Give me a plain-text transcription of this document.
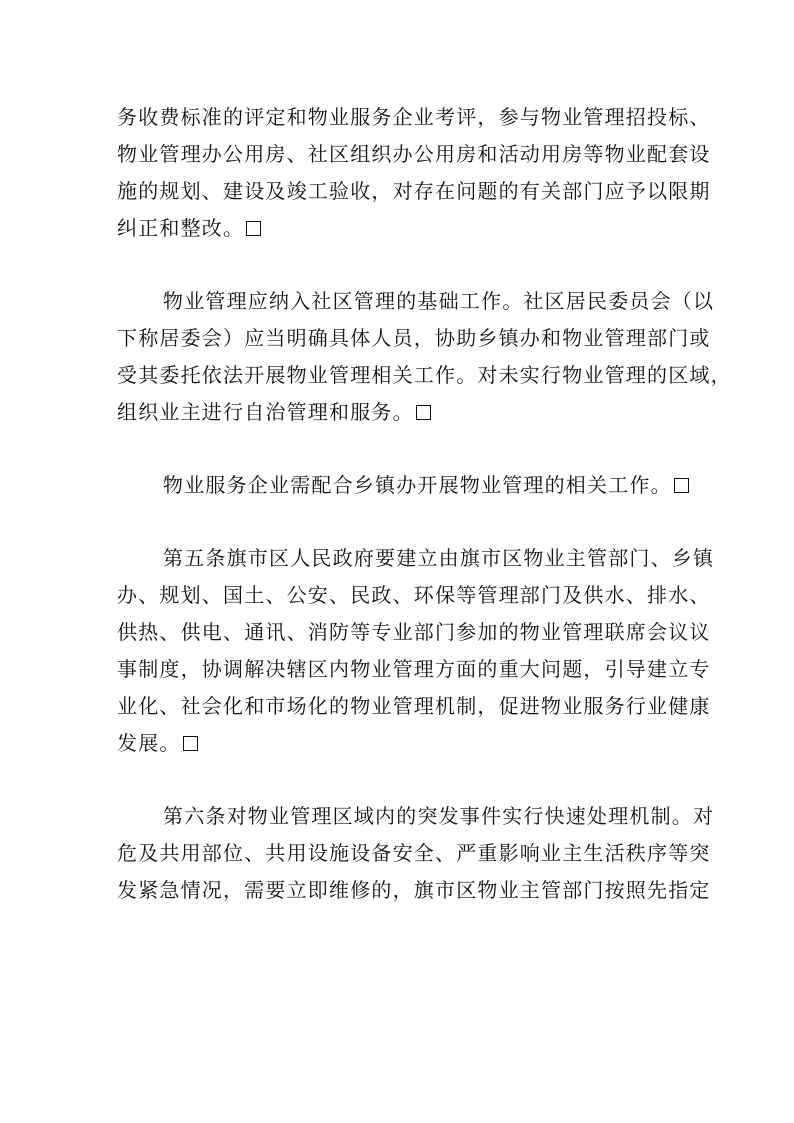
务收费标准的评定和物业服务企业考评，参与物业管理招投标、
物业管理办公用房、社区组织办公用房和活动用房等物业配套设
施的规划、建设及竣工验收，对存在问题的有关部门应予以限期
纠正和整改。
物业管理应纳入社区管理的基础工作。社区居民委员会（以
下称居委会）应当明确具体人员，协助乡镇办和物业管理部门或
受其委托依法开展物业管理相关工作。对未实行物业管理的区域，
组织业主进行自治管理和服务。
物业服务企业需配合乡镇办开展物业管理的相关工作。
第五条旗市区人民政府要建立由旗市区物业主管部门、乡镇
办、规划、国土、公安、民政、环保等管理部门及供水、排水、
供热、供电、通讯、消防等专业部门参加的物业管理联席会议议
事制度，协调解决辖区内物业管理方面的重大问题，引导建立专
业化、社会化和市场化的物业管理机制，促进物业服务行业健康
发展。
第六条对物业管理区域内的突发事件实行快速处理机制。对
危及共用部位、共用设施设备安全、严重影响业主生活秩序等突
发紧急情况，需要立即维修的，旗市区物业主管部门按照先指定
